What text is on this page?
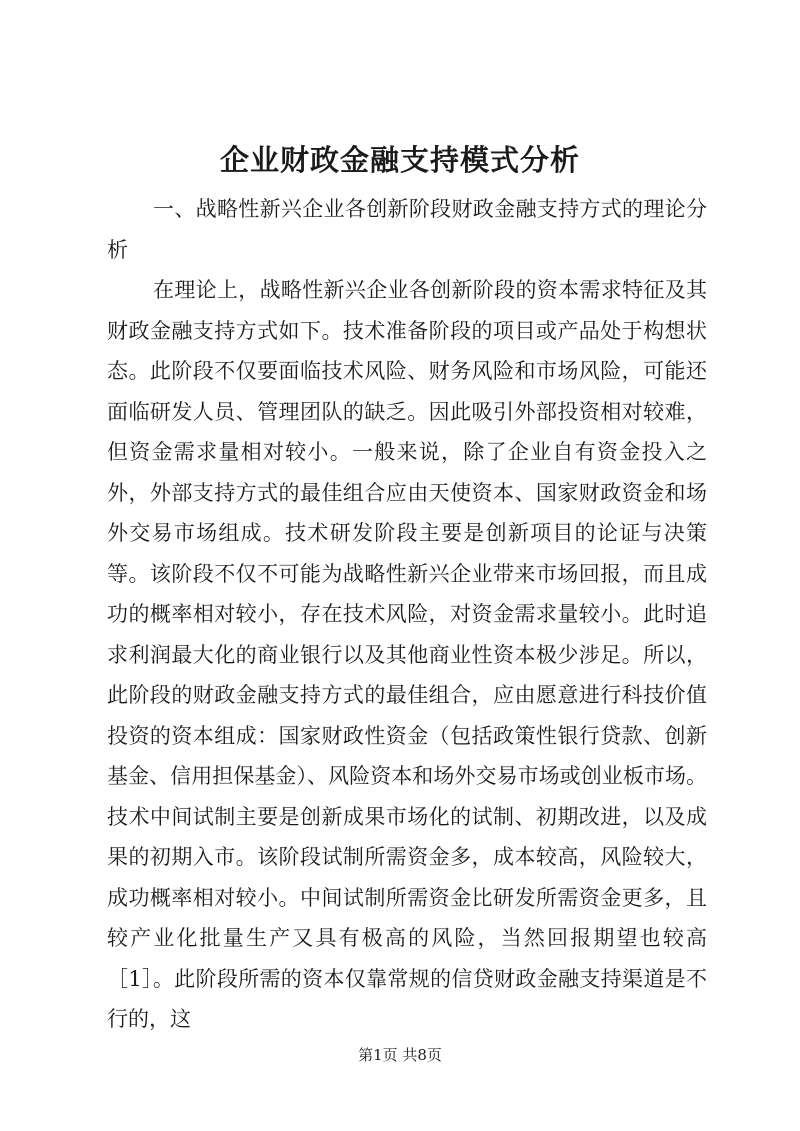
企业财政金融支持模式分析

一、战略性新兴企业各创新阶段财政金融支持方式的理论分析

在理论上，战略性新兴企业各创新阶段的资本需求特征及其财政金融支持方式如下。技术准备阶段的项目或产品处于构想状态。此阶段不仅要面临技术风险、财务风险和市场风险，可能还面临研发人员、管理团队的缺乏。因此吸引外部投资相对较难，但资金需求量相对较小。一般来说，除了企业自有资金投入之外，外部支持方式的最佳组合应由天使资本、国家财政资金和场外交易市场组成。技术研发阶段主要是创新项目的论证与决策等。该阶段不仅不可能为战略性新兴企业带来市场回报，而且成功的概率相对较小，存在技术风险，对资金需求量较小。此时追求利润最大化的商业银行以及其他商业性资本极少涉足。所以，此阶段的财政金融支持方式的最佳组合，应由愿意进行科技价值投资的资本组成：国家财政性资金（包括政策性银行贷款、创新基金、信用担保基金）、风险资本和场外交易市场或创业板市场。技术中间试制主要是创新成果市场化的试制、初期改进，以及成果的初期入市。该阶段试制所需资金多，成本较高，风险较大，成功概率相对较小。中间试制所需资金比研发所需资金更多，且较产业化批量生产又具有极高的风险，当然回报期望也较高［1］。此阶段所需的资本仅靠常规的信贷财政金融支持渠道是不行的，这

第1页 共8页
